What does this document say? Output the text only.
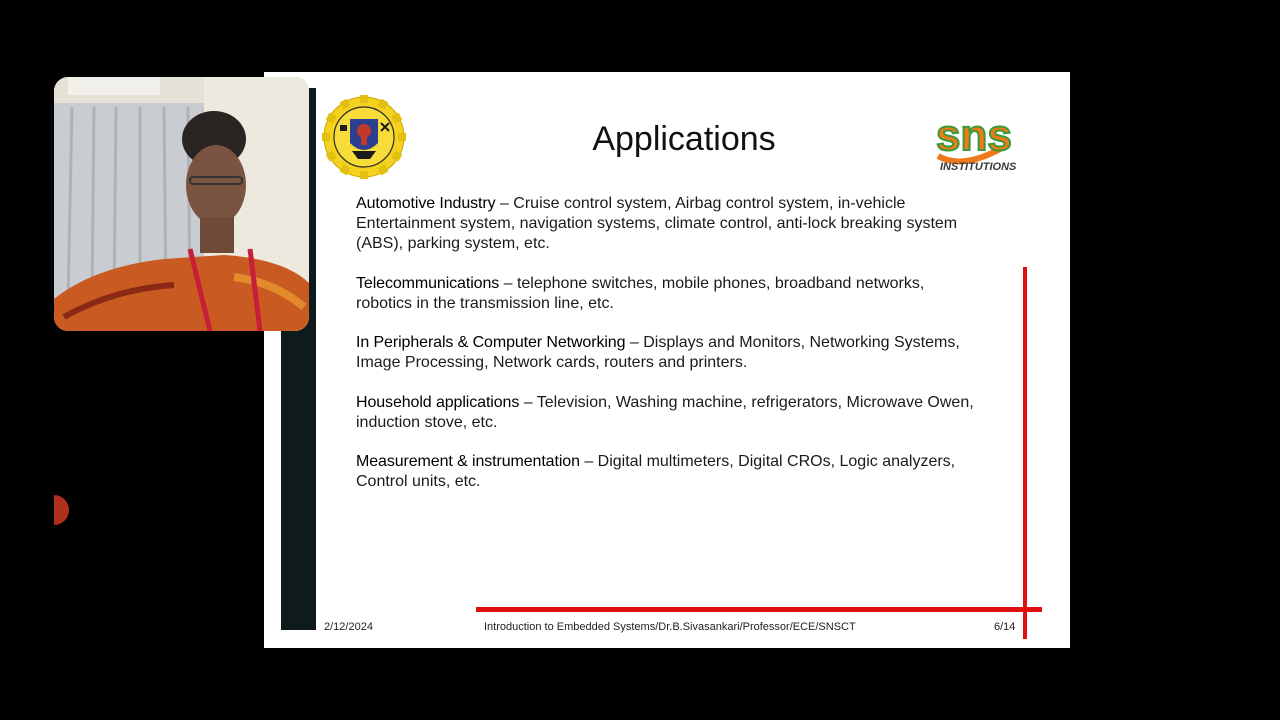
sns
INSTITUTIONS
Applications

Automotive Industry – Cruise control system, Airbag control system, in-vehicle Entertainment system, navigation systems, climate control, anti-lock breaking system (ABS), parking system, etc.

Telecommunications – telephone switches, mobile phones, broadband networks, robotics in the transmission line, etc.

In Peripherals & Computer Networking – Displays and Monitors, Networking Systems, Image Processing, Network cards, routers and printers.

Household applications – Television, Washing machine, refrigerators, Microwave Owen, induction stove, etc.

Measurement & instrumentation – Digital multimeters, Digital CROs, Logic analyzers, Control units, etc.

2/12/2024	Introduction to Embedded Systems/Dr.B.Sivasankari/Professor/ECE/SNSCT	6/14
